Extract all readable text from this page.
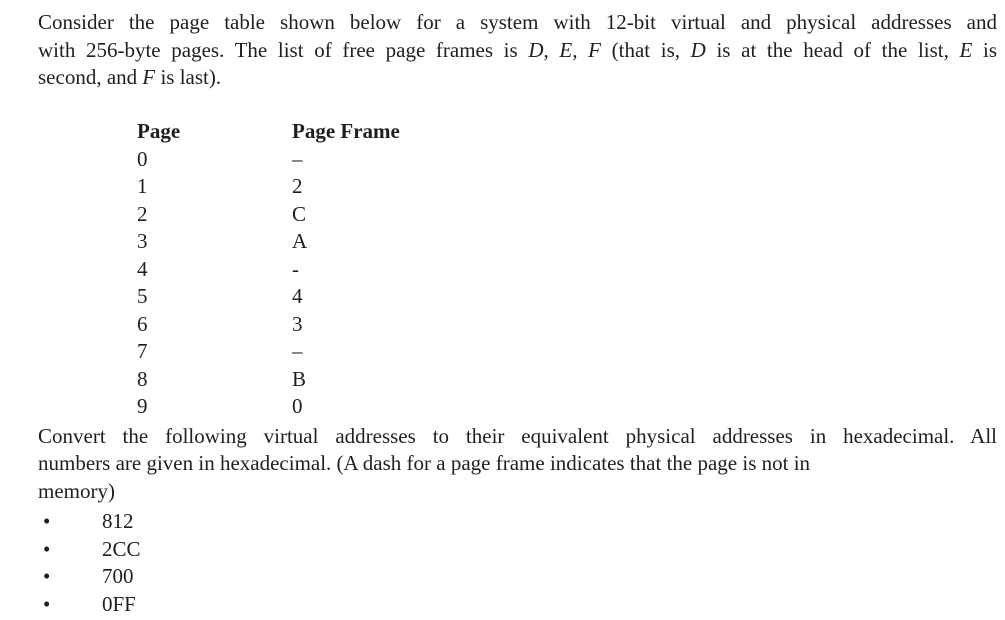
Consider the page table shown below for a system with 12-bit virtual and physical addresses and
with 256-byte pages. The list of free page frames is D, E, F (that is, D is at the head of the list, E is
second, and F is last).
Page	Page Frame
0	–
1	2
2	C
3	A
4	-
5	4
6	3
7	–
8	B
9	0
Convert the following virtual addresses to their equivalent physical addresses in hexadecimal. All
numbers are given in hexadecimal. (A dash for a page frame indicates that the page is not in
memory)
•	812
•	2CC
•	700
•	0FF
